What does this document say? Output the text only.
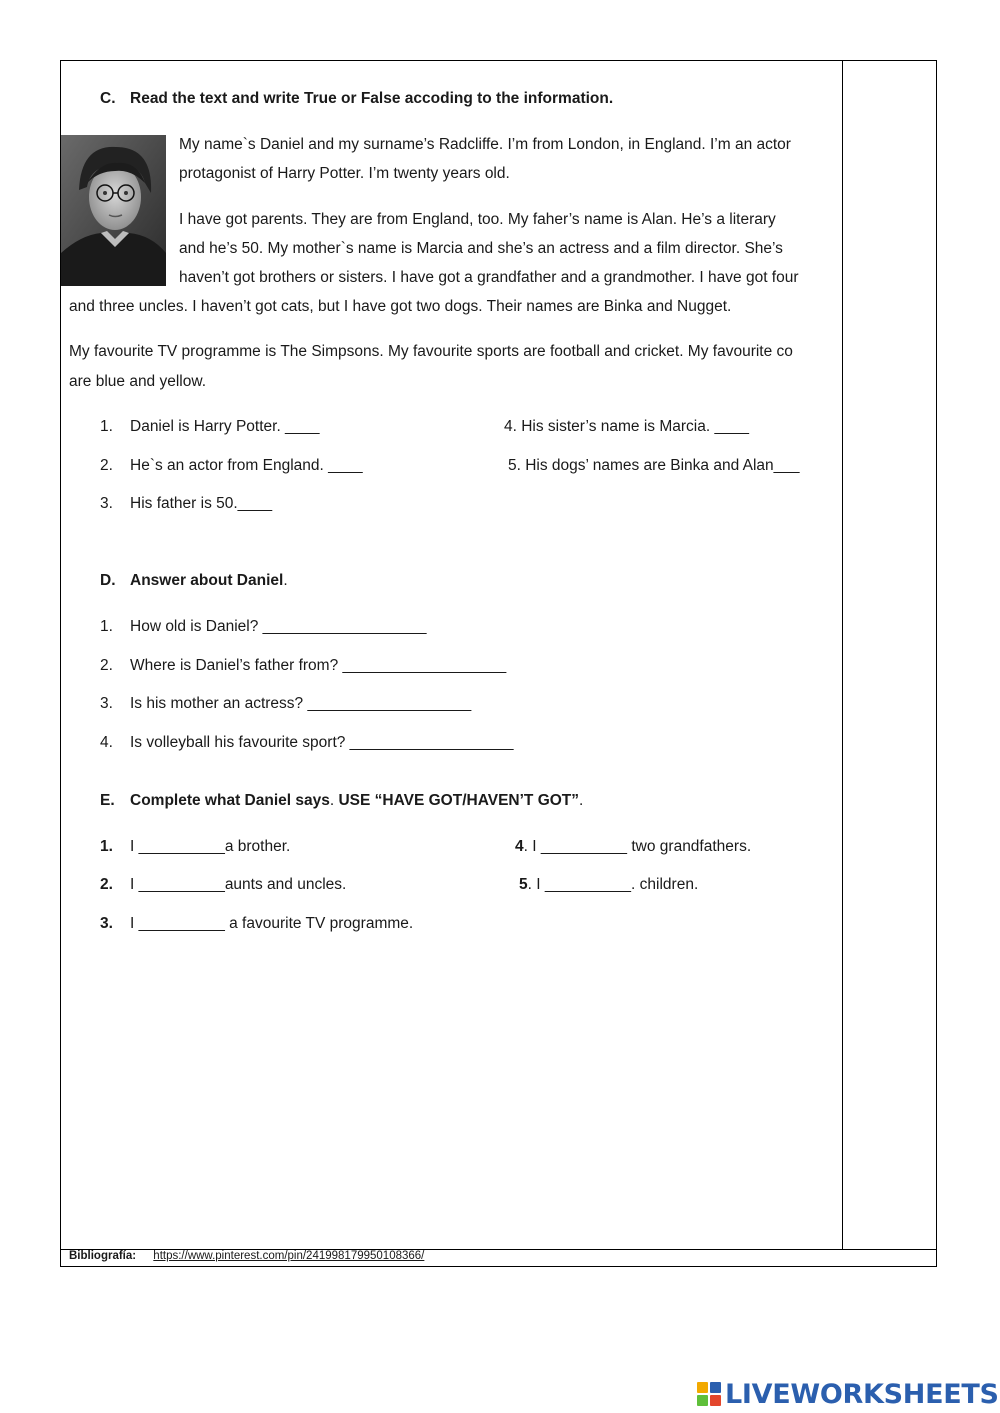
C. Read the text and write True or False accoding to the information.
My name`s Daniel and my surname’s Radcliffe. I’m from London, in England. I’m an actor
protagonist of Harry Potter. I’m twenty years old.
I have got parents. They are from England, too. My faher’s name is Alan. He’s a literary
and he’s 50. My mother`s name is Marcia and she’s an actress and a film director. She’s
haven’t got brothers or sisters. I have got a grandfather and a grandmother. I have got four
and three uncles. I haven’t got cats, but I have got two dogs. Their names are Binka and Nugget.
My favourite TV programme is The Simpsons. My favourite sports are football and cricket. My favourite co
are blue and yellow.
1. Daniel is Harry Potter. ____
2. He`s an actor from England. ____
3. His father is 50.____
4. His sister’s name is Marcia. ____
5. His dogs’ names are Binka and Alan___
D. Answer about Daniel.
1. How old is Daniel? ___________________
2. Where is Daniel’s father from? ___________________
3. Is his mother an actress? ___________________
4. Is volleyball his favourite sport? ___________________
E. Complete what Daniel says. USE “HAVE GOT/HAVEN’T GOT”.
1. I __________a brother.
2. I __________aunts and uncles.
3. I __________ a favourite TV programme.
4. I __________ two grandfathers.
5. I __________. children.
Bibliografía: https://www.pinterest.com/pin/241998179950108366/
LIVEWORKSHEETS
